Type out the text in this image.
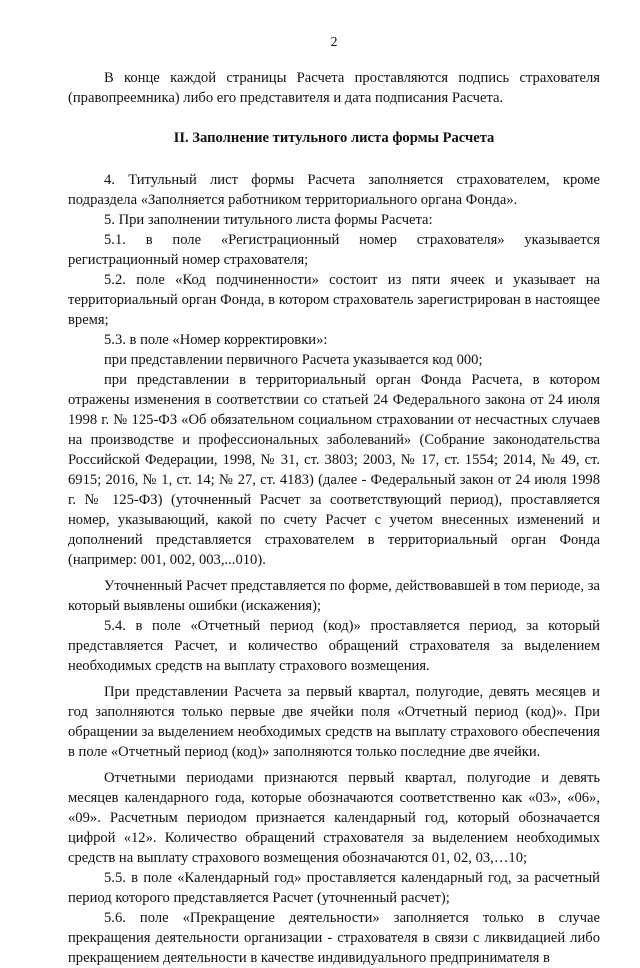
2

В конце каждой страницы Расчета проставляются подпись страхователя (правопреемника) либо его представителя и дата подписания Расчета.

II. Заполнение титульного листа формы Расчета

4. Титульный лист формы Расчета заполняется страхователем, кроме подраздела «Заполняется работником территориального органа Фонда».

5. При заполнении титульного листа формы Расчета:

5.1. в поле «Регистрационный номер страхователя» указывается регистрационный номер страхователя;

5.2. поле «Код подчиненности» состоит из пяти ячеек и указывает на территориальный орган Фонда, в котором страхователь зарегистрирован в настоящее время;

5.3. в поле «Номер корректировки»:

при представлении первичного Расчета указывается код 000;

при представлении в территориальный орган Фонда Расчета, в котором отражены изменения в соответствии со статьей 24 Федерального закона от 24 июля 1998 г. № 125-ФЗ «Об обязательном социальном страховании от несчастных случаев на производстве и профессиональных заболеваний» (Собрание законодательства Российской Федерации, 1998, № 31, ст. 3803; 2003, № 17, ст. 1554; 2014, № 49, ст. 6915; 2016, № 1, ст. 14; № 27, ст. 4183) (далее - Федеральный закон от 24 июля 1998 г. № 125-ФЗ) (уточненный Расчет за соответствующий период), проставляется номер, указывающий, какой по счету Расчет с учетом внесенных изменений и дополнений представляется страхователем в территориальный орган Фонда (например: 001, 002, 003,...010).

Уточненный Расчет представляется по форме, действовавшей в том периоде, за который выявлены ошибки (искажения);

5.4. в поле «Отчетный период (код)» проставляется период, за который представляется Расчет, и количество обращений страхователя за выделением необходимых средств на выплату страхового возмещения.

При представлении Расчета за первый квартал, полугодие, девять месяцев и год заполняются только первые две ячейки поля «Отчетный период (код)». При обращении за выделением необходимых средств на выплату страхового обеспечения в поле «Отчетный период (код)» заполняются только последние две ячейки.

Отчетными периодами признаются первый квартал, полугодие и девять месяцев календарного года, которые обозначаются соответственно как «03», «06», «09». Расчетным периодом признается календарный год, который обозначается цифрой «12». Количество обращений страхователя за выделением необходимых средств на выплату страхового возмещения обозначаются 01, 02, 03,…10;

5.5. в поле «Календарный год» проставляется календарный год, за расчетный период которого представляется Расчет (уточненный расчет);

5.6. поле «Прекращение деятельности» заполняется только в случае прекращения деятельности организации - страхователя в связи с ликвидацией либо прекращением деятельности в качестве индивидуального предпринимателя в
